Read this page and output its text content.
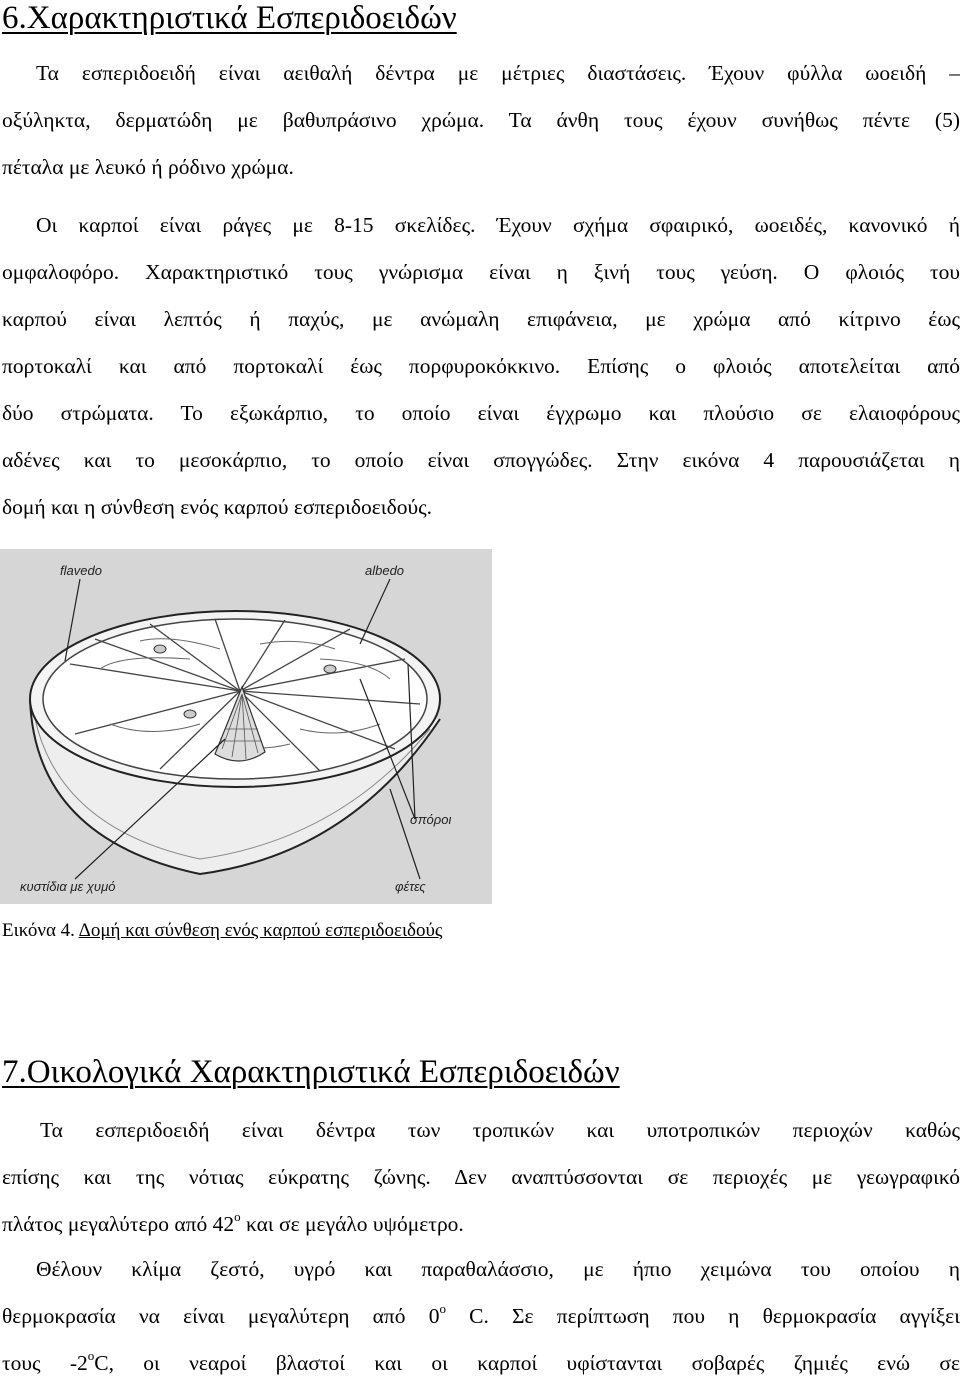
6.Χαρακτηριστικά Εσπεριδοειδών
Τα εσπεριδοειδή είναι αειθαλή δέντρα με μέτριες διαστάσεις. Έχουν φύλλα ωοειδή –
οξύληκτα, δερματώδη με βαθυπράσινο χρώμα. Τα άνθη τους έχουν συνήθως πέντε (5)
πέταλα με λευκό ή ρόδινο χρώμα.
Οι καρποί είναι ράγες με 8-15 σκελίδες. Έχουν σχήμα σφαιρικό, ωοειδές, κανονικό ή
ομφαλοφόρο. Χαρακτηριστικό τους γνώρισμα είναι η ξινή τους γεύση. Ο φλοιός του
καρπού είναι λεπτός ή παχύς, με ανώμαλη επιφάνεια, με χρώμα από κίτρινο έως
πορτοκαλί και από πορτοκαλί έως πορφυροκόκκινο. Επίσης ο φλοιός αποτελείται από
δύο στρώματα. Το εξωκάρπιο, το οποίο είναι έγχρωμο και πλούσιο σε ελαιοφόρους
αδένες και το μεσοκάρπιο, το οποίο είναι σπογγώδες. Στην εικόνα 4 παρουσιάζεται η
δομή και η σύνθεση ενός καρπού εσπεριδοειδούς.
flavedo	albedo
σπόροι
κυστίδια με χυμό	φέτες
Εικόνα 4. Δομή και σύνθεση ενός καρπού εσπεριδοειδούς
7.Οικολογικά Χαρακτηριστικά Εσπεριδοειδών
Τα εσπεριδοειδή είναι δέντρα των τροπικών και υποτροπικών περιοχών καθώς
επίσης και της νότιας εύκρατης ζώνης. Δεν αναπτύσσονται σε περιοχές με γεωγραφικό
πλάτος μεγαλύτερο από $42^o$ και σε μεγάλο υψόμετρο.
Θέλουν κλίμα ζεστό, υγρό και παραθαλάσσιο, με ήπιο χειμώνα του οποίου η
θερμοκρασία να είναι μεγαλύτερη από $0^o$ C. Σε περίπτωση που η θερμοκρασία αγγίξει
τους $-2^oC$, οι νεαροί βλαστοί και οι καρποί υφίστανται σοβαρές ζημιές ενώ σε
